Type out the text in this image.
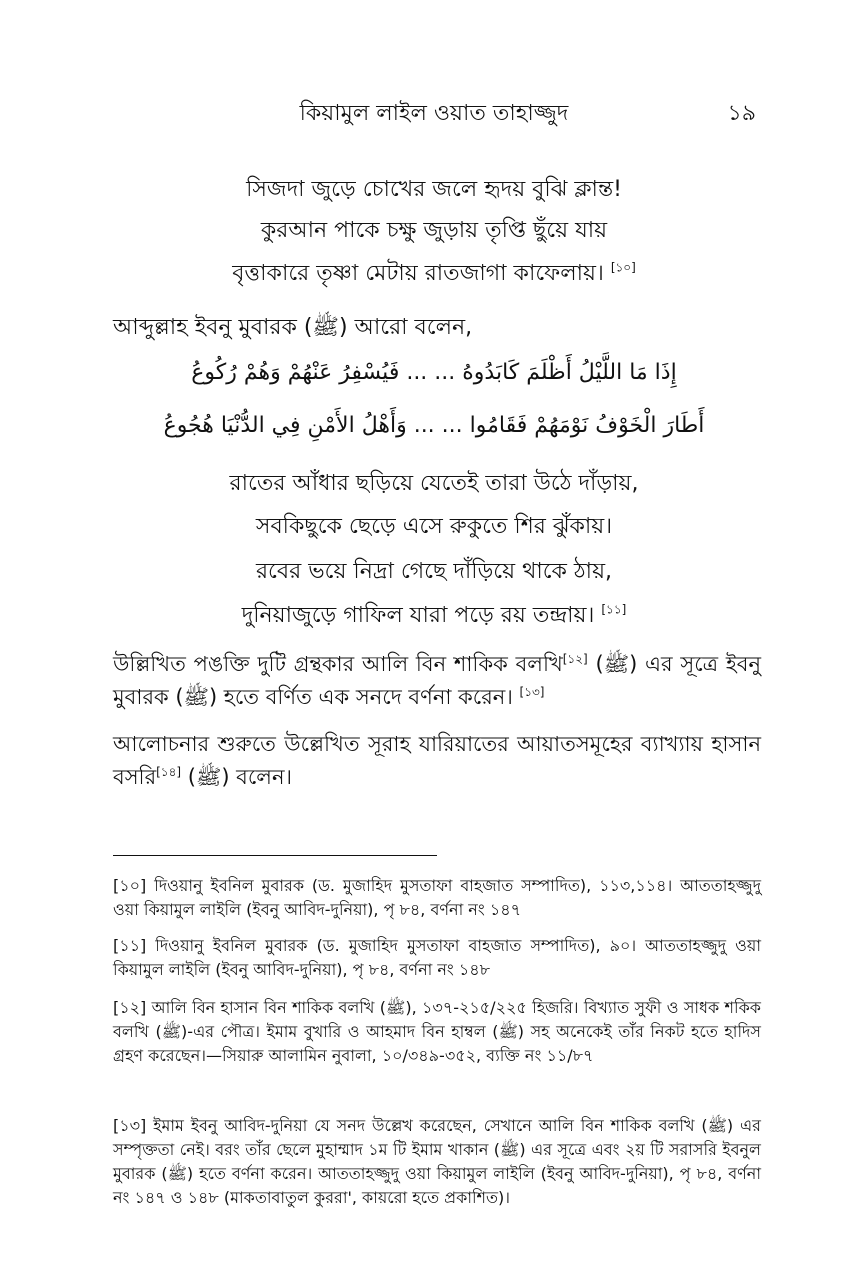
কিয়ামুল লাইল ওয়াত তাহাজ্জুদ	১৯
সিজদা জুড়ে চোখের জলে হৃদয় বুঝি ক্লান্ত!
কুরআন পাকে চক্ষু জুড়ায় তৃপ্তি ছুঁয়ে যায়
বৃত্তাকারে তৃষ্ণা মেটায় রাতজাগা কাফেলায়। [১০]
আব্দুল্লাহ ইবনু মুবারক (ﷺ) আরো বলেন,
إِذَا مَا اللَّيْلُ أَظْلَمَ كَابَدُوهُ ... ... فَيُسْفِرُ عَنْهُمْ وَهُمْ رُكُوعُ
أَطَارَ الْخَوْفُ نَوْمَهُمْ فَقَامُوا ... ... وَأَهْلُ الأَمْنِ فِي الدُّنْيَا هُجُوعُ
রাতের আঁধার ছড়িয়ে যেতেই তারা উঠে দাঁড়ায়,
সবকিছুকে ছেড়ে এসে রুকুতে শির ঝুঁকায়।
রবের ভয়ে নিদ্রা গেছে দাঁড়িয়ে থাকে ঠায়,
দুনিয়াজুড়ে গাফিল যারা পড়ে রয় তন্দ্রায়। [১১]
উল্লিখিত পঙক্তি দুটি গ্রন্থকার আলি বিন শাকিক বলখি[১২] (ﷺ) এর সূত্রে ইবনু মুবারক (ﷺ) হতে বর্ণিত এক সনদে বর্ণনা করেন। [১৩]
আলোচনার শুরুতে উল্লেখিত সূরাহ যারিয়াতের আয়াতসমূহের ব্যাখ্যায় হাসান বসরি[১৪] (ﷺ) বলেন।
[১০] দিওয়ানু ইবনিল মুবারক (ড. মুজাহিদ মুসতাফা বাহজাত সম্পাদিত), ১১৩,১১৪। আততাহজ্জুদু ওয়া কিয়ামুল লাইলি (ইবনু আবিদ-দুনিয়া), পৃ ৮৪, বর্ণনা নং ১৪৭
[১১] দিওয়ানু ইবনিল মুবারক (ড. মুজাহিদ মুসতাফা বাহজাত সম্পাদিত), ৯০। আততাহজ্জুদু ওয়া কিয়ামুল লাইলি (ইবনু আবিদ-দুনিয়া), পৃ ৮৪, বর্ণনা নং ১৪৮
[১২] আলি বিন হাসান বিন শাকিক বলখি (ﷺ), ১৩৭-২১৫/২২৫ হিজরি। বিখ্যাত সুফী ও সাধক শকিক বলখি (ﷺ)-এর পৌত্র। ইমাম বুখারি ও আহমাদ বিন হাম্বল (ﷺ) সহ অনেকেই তাঁর নিকট হতে হাদিস গ্রহণ করেছেন।—সিয়ারু আলামিন নুবালা, ১০/৩৪৯-৩৫২, ব্যক্তি নং ১১/৮৭
[১৩] ইমাম ইবনু আবিদ-দুনিয়া যে সনদ উল্লেখ করেছেন, সেখানে আলি বিন শাকিক বলখি (ﷺ) এর সম্পৃক্ততা নেই। বরং তাঁর ছেলে মুহাম্মাদ ১ম টি ইমাম খাকান (ﷺ) এর সূত্রে এবং ২য় টি সরাসরি ইবনুল মুবারক (ﷺ) হতে বর্ণনা করেন। আততাহজ্জুদু ওয়া কিয়ামুল লাইলি (ইবনু আবিদ-দুনিয়া), পৃ ৮৪, বর্ণনা নং ১৪৭ ও ১৪৮ (মাকতাবাতুল কুররা', কায়রো হতে প্রকাশিত)।
